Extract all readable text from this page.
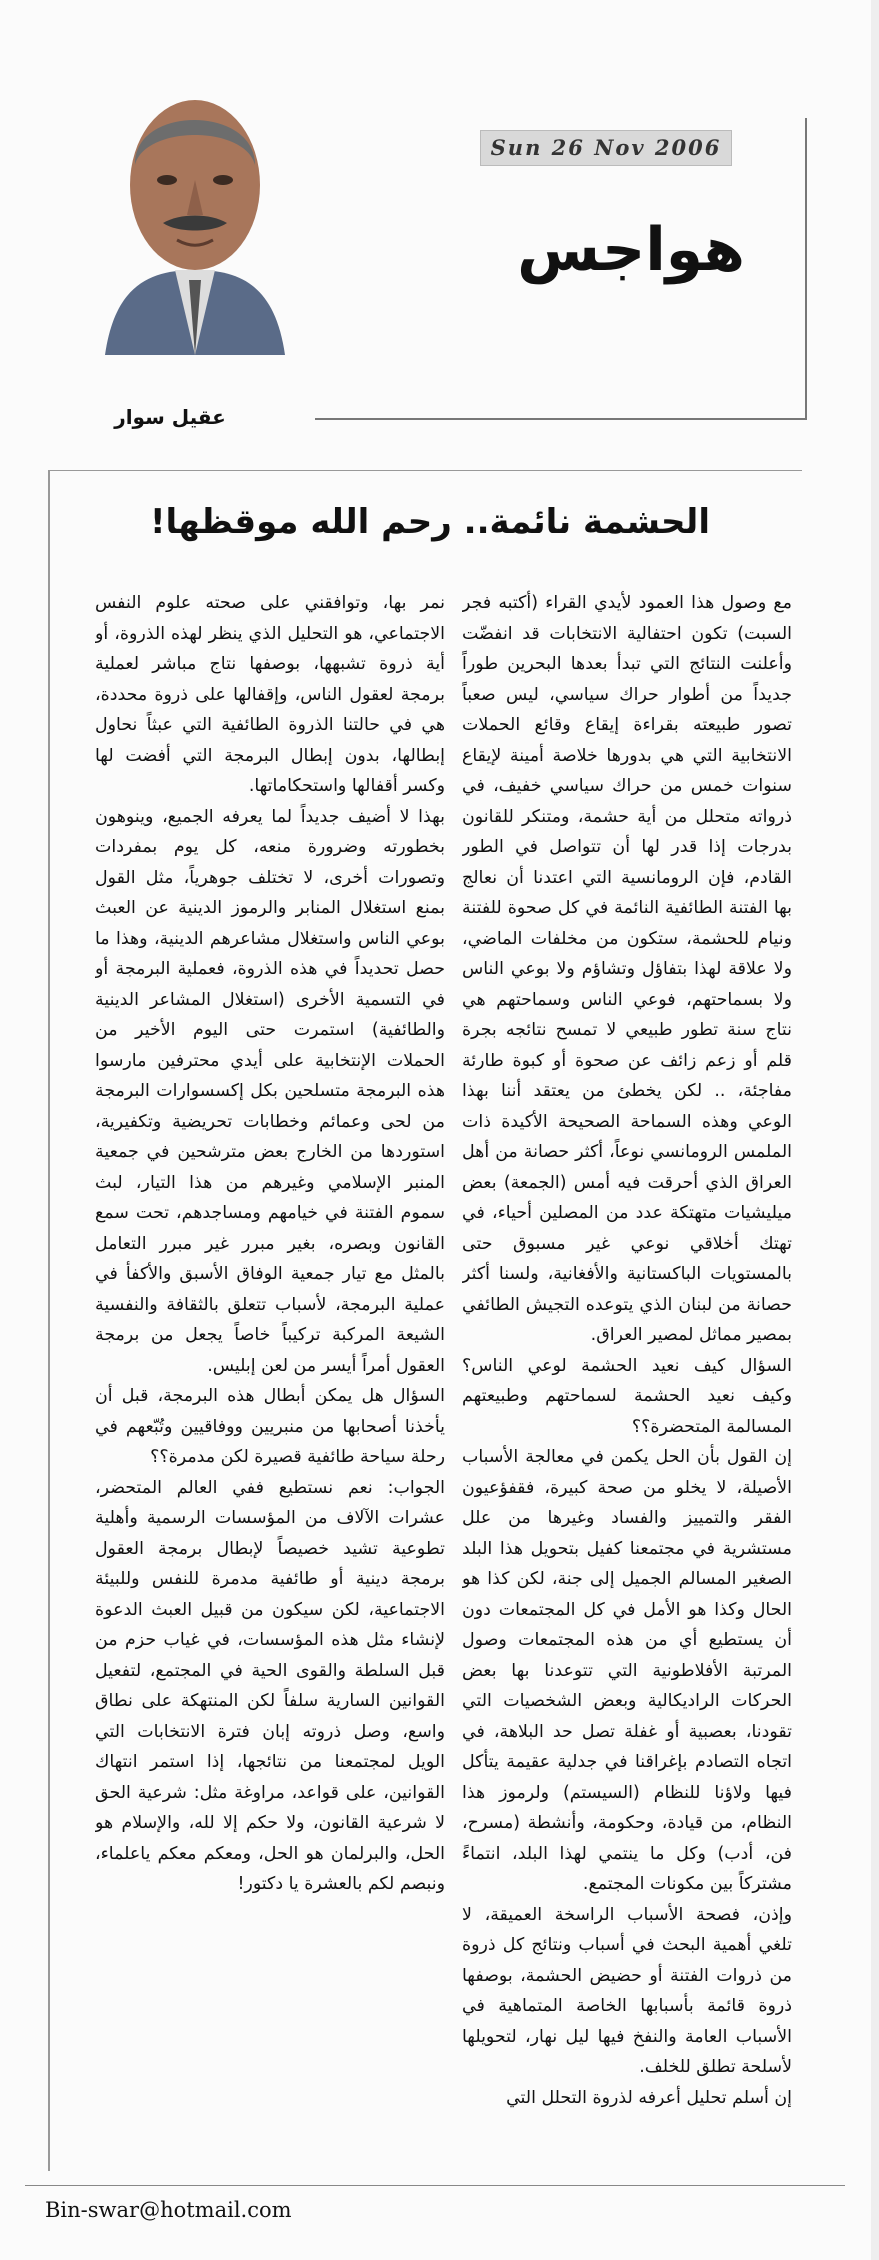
Sun 26 Nov 2006
هواجس
عقيل سوار
الحشمة نائمة.. رحم الله موقظها!

مع وصول هذا العمود لأيدي القراء (أكتبه فجر السبت) تكون احتفالية الانتخابات قد انفضّت وأعلنت النتائج التي تبدأ بعدها البحرين طوراً جديداً من أطوار حراك سياسي، ليس صعباً تصور طبيعته بقراءة إيقاع وقائع الحملات الانتخابية التي هي بدورها خلاصة أمينة لإيقاع سنوات خمس من حراك سياسي خفيف، في ذرواته متحلل من أية حشمة، ومتنكر للقانون بدرجات إذا قدر لها أن تتواصل في الطور القادم، فإن الرومانسية التي اعتدنا أن نعالج بها الفتنة الطائفية النائمة في كل صحوة للفتنة ونيام للحشمة، ستكون من مخلفات الماضي، ولا علاقة لهذا بتفاؤل وتشاؤم ولا بوعي الناس ولا بسماحتهم، فوعي الناس وسماحتهم هي نتاج سنة تطور طبيعي لا تمسح نتائجه بجرة قلم أو زعم زائف عن صحوة أو كبوة طارئة مفاجئة، .. لكن يخطئ من يعتقد أننا بهذا الوعي وهذه السماحة الصحيحة الأكيدة ذات الملمس الرومانسي نوعاً، أكثر حصانة من أهل العراق الذي أحرقت فيه أمس (الجمعة) بعض ميليشيات متهتكة عدد من المصلين أحياء، في تهتك أخلاقي نوعي غير مسبوق حتى بالمستويات الباكستانية والأفغانية، ولسنا أكثر حصانة من لبنان الذي يتوعده التجيش الطائفي بمصير مماثل لمصير العراق.

السؤال كيف نعيد الحشمة لوعي الناس؟ وكيف نعيد الحشمة لسماحتهم وطبيعتهم المسالمة المتحضرة؟؟

إن القول بأن الحل يكمن في معالجة الأسباب الأصيلة، لا يخلو من صحة كبيرة، فقفؤعيون الفقر والتمييز والفساد وغيرها من علل مستشرية في مجتمعنا كفيل بتحويل هذا البلد الصغير المسالم الجميل إلى جنة، لكن كذا هو الحال وكذا هو الأمل في كل المجتمعات دون أن يستطيع أي من هذه المجتمعات وصول المرتبة الأفلاطونية التي تتوعدنا بها بعض الحركات الراديكالية وبعض الشخصيات التي تقودنا، بعصبية أو غفلة تصل حد البلاهة، في اتجاه التصادم بإغراقنا في جدلية عقيمة يتأكل فيها ولاؤنا للنظام (السيستم) ولرموز هذا النظام، من قيادة، وحكومة، وأنشطة (مسرح، فن، أدب) وكل ما ينتمي لهذا البلد، انتماءً مشتركاً بين مكونات المجتمع.

وإذن، فصحة الأسباب الراسخة العميقة، لا تلغي أهمية البحث في أسباب ونتائج كل ذروة من ذروات الفتنة أو حضيض الحشمة، بوصفها ذروة قائمة بأسبابها الخاصة المتماهية في الأسباب العامة والنفخ فيها ليل نهار، لتحويلها لأسلحة تطلق للخلف.

إن أسلم تحليل أعرفه لذروة التحلل التي

نمر بها، وتوافقني على صحته علوم النفس الاجتماعي، هو التحليل الذي ينظر لهذه الذروة، أو أية ذروة تشبهها، بوصفها نتاج مباشر لعملية برمجة لعقول الناس، وإقفالها على ذروة محددة، هي في حالتنا الذروة الطائفية التي عبثاً نحاول إبطالها، بدون إبطال البرمجة التي أفضت لها وكسر أقفالها واستحكاماتها.

بهذا لا أضيف جديداً لما يعرفه الجميع، وينوهون بخطورته وضرورة منعه، كل يوم بمفردات وتصورات أخرى، لا تختلف جوهرياً، مثل القول بمنع استغلال المنابر والرموز الدينية عن العبث بوعي الناس واستغلال مشاعرهم الدينية، وهذا ما حصل تحديداً في هذه الذروة، فعملية البرمجة أو في التسمية الأخرى (استغلال المشاعر الدينية والطائفية) استمرت حتى اليوم الأخير من الحملات الإنتخابية على أيدي محترفين مارسوا هذه البرمجة متسلحين بكل إكسسوارات البرمجة من لحى وعمائم وخطابات تحريضية وتكفيرية، استوردها من الخارج بعض مترشحين في جمعية المنبر الإسلامي وغيرهم من هذا التيار، لبث سموم الفتنة في خيامهم ومساجدهم، تحت سمع القانون وبصره، بغير مبرر غير مبرر التعامل بالمثل مع تيار جمعية الوفاق الأسبق والأكفأ في عملية البرمجة، لأسباب تتعلق بالثقافة والنفسية الشيعة المركبة تركيباً خاصاً يجعل من برمجة العقول أمراً أيسر من لعن إبليس.

السؤال هل يمكن أبطال هذه البرمجة، قبل أن يأخذنا أصحابها من منبريين ووفاقيين وتُبّعهم في رحلة سياحة طائفية قصيرة لكن مدمرة؟؟

الجواب: نعم نستطيع ففي العالم المتحضر، عشرات الآلاف من المؤسسات الرسمية وأهلية تطوعية تشيد خصيصاً لإبطال برمجة العقول برمجة دينية أو طائفية مدمرة للنفس وللبيئة الاجتماعية، لكن سيكون من قبيل العبث الدعوة لإنشاء مثل هذه المؤسسات، في غياب حزم من قبل السلطة والقوى الحية في المجتمع، لتفعيل القوانين السارية سلفاً لكن المنتهكة على نطاق واسع، وصل ذروته إبان فترة الانتخابات التي الويل لمجتمعنا من نتائجها، إذا استمر انتهاك القوانين، على قواعد، مراوغة مثل: شرعية الحق لا شرعية القانون، ولا حكم إلا لله، والإسلام هو الحل، والبرلمان هو الحل، ومعكم معكم ياعلماء، ونبصم لكم بالعشرة يا دكتور!

Bin-swar@hotmail.com
